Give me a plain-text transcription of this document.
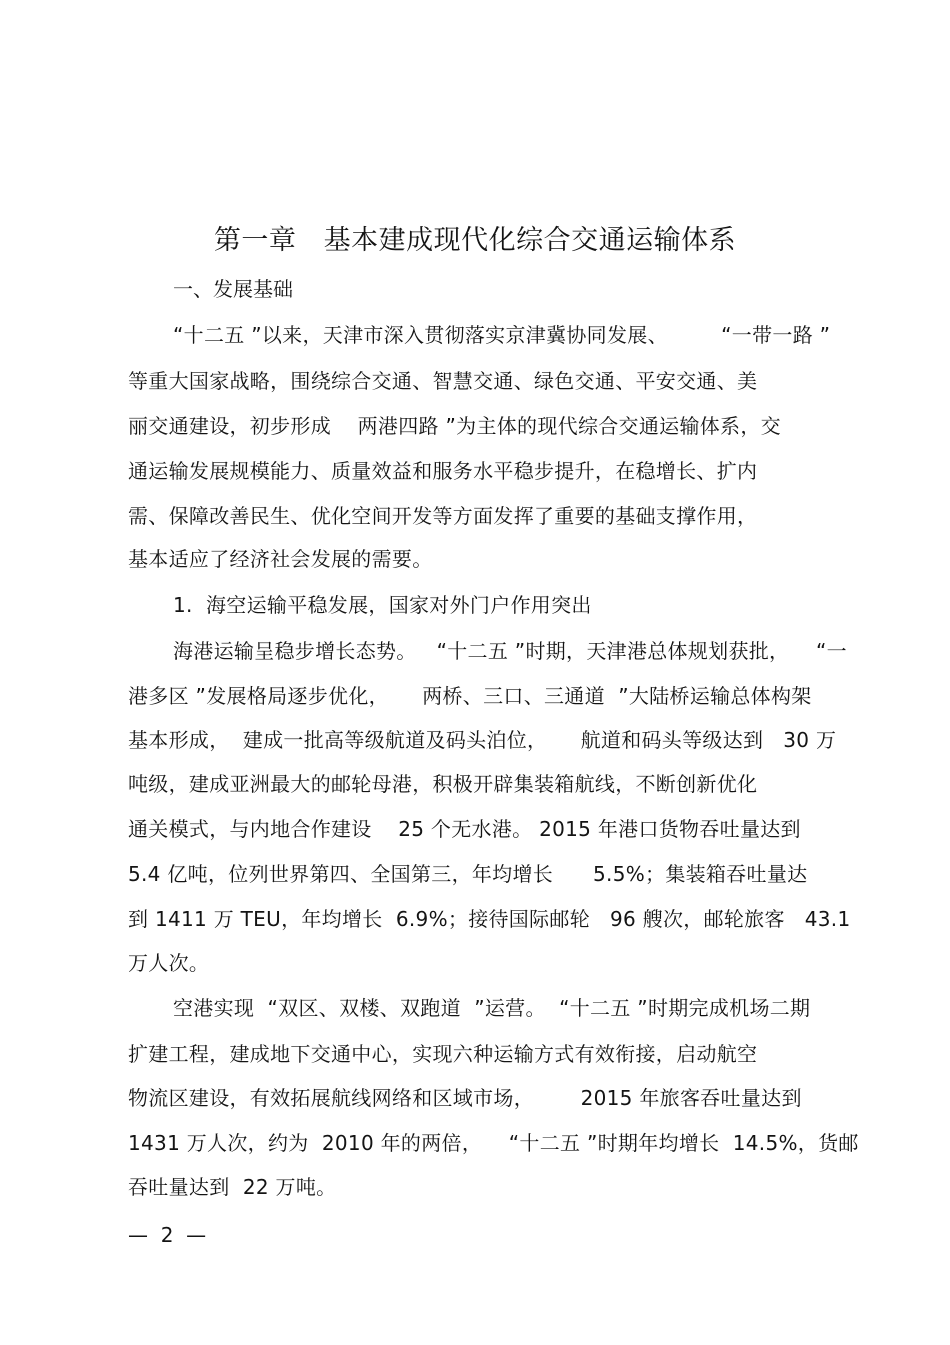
第一章   基本建成现代化综合交通运输体系
一、发展基础
“十二五 ”以来，天津市深入贯彻落实京津冀协同发展、        “一带一路 ”
等重大国家战略，围绕综合交通、智慧交通、绿色交通、平安交通、美
丽交通建设，初步形成    两港四路 ”为主体的现代综合交通运输体系，交
通运输发展规模能力、质量效益和服务水平稳步提升，在稳增长、扩内
需、保障改善民生、优化空间开发等方面发挥了重要的基础支撑作用，
基本适应了经济社会发展的需要。
1.  海空运输平稳发展，国家对外门户作用突出
海港运输呈稳步增长态势。   “十二五 ”时期，天津港总体规划获批，    “一
港多区 ”发展格局逐步优化，     两桥、三口、三通道  ”大陆桥运输总体构架
基本形成，  建成一批高等级航道及码头泊位，     航道和码头等级达到   30 万
吨级，建成亚洲最大的邮轮母港，积极开辟集装箱航线，不断创新优化
通关模式，与内地合作建设    25 个无水港。 2015 年港口货物吞吐量达到
5.4 亿吨，位列世界第四、全国第三，年均增长      5.5%；集装箱吞吐量达
到 1411 万 TEU，年均增长  6.9%；接待国际邮轮   96 艘次，邮轮旅客   43.1
万人次。
空港实现  “双区、双楼、双跑道  ”运营。  “十二五 ”时期完成机场二期
扩建工程，建成地下交通中心，实现六种运输方式有效衔接，启动航空
物流区建设，有效拓展航线网络和区域市场，       2015 年旅客吞吐量达到
1431 万人次，约为  2010 年的两倍，    “十二五 ”时期年均增长  14.5%，货邮
吞吐量达到  22 万吨。
—  2  —
